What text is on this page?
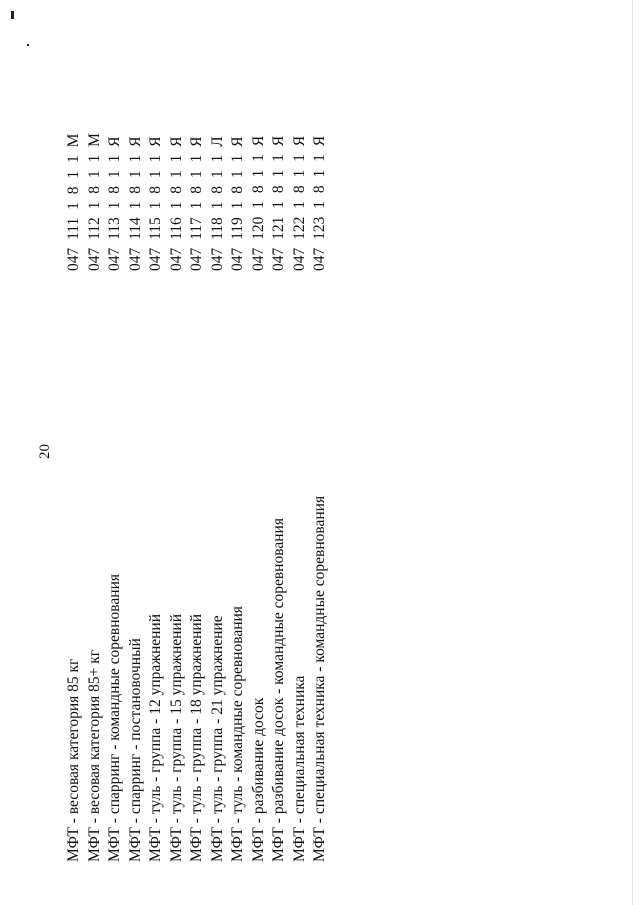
20
МФТ - весовая категория 85 кг
047 111 1 8 1 1 М
МФТ - весовая категория 85+ кг
047 112 1 8 1 1 М
МФТ - спарринг - командные соревнования
047 113 1 8 1 1 Я
МФТ - спарринг - постановочный
047 114 1 8 1 1 Я
МФТ - туль - группа - 12 упражнений
047 115 1 8 1 1 Я
МФТ - туль - группа - 15 упражнений
047 116 1 8 1 1 Я
МФТ - туль - группа - 18 упражнений
047 117 1 8 1 1 Я
МФТ - туль - группа - 21 упражнение
047 118 1 8 1 1 Л
МФТ - туль - командные соревнования
047 119 1 8 1 1 Я
МФТ - разбивание досок
047 120 1 8 1 1 Я
МФТ - разбивание досок - командные соревнования
047 121 1 8 1 1 Я
МФТ - специальная техника
047 122 1 8 1 1 Я
МФТ - специальная техника - командные соревнования
047 123 1 8 1 1 Я
